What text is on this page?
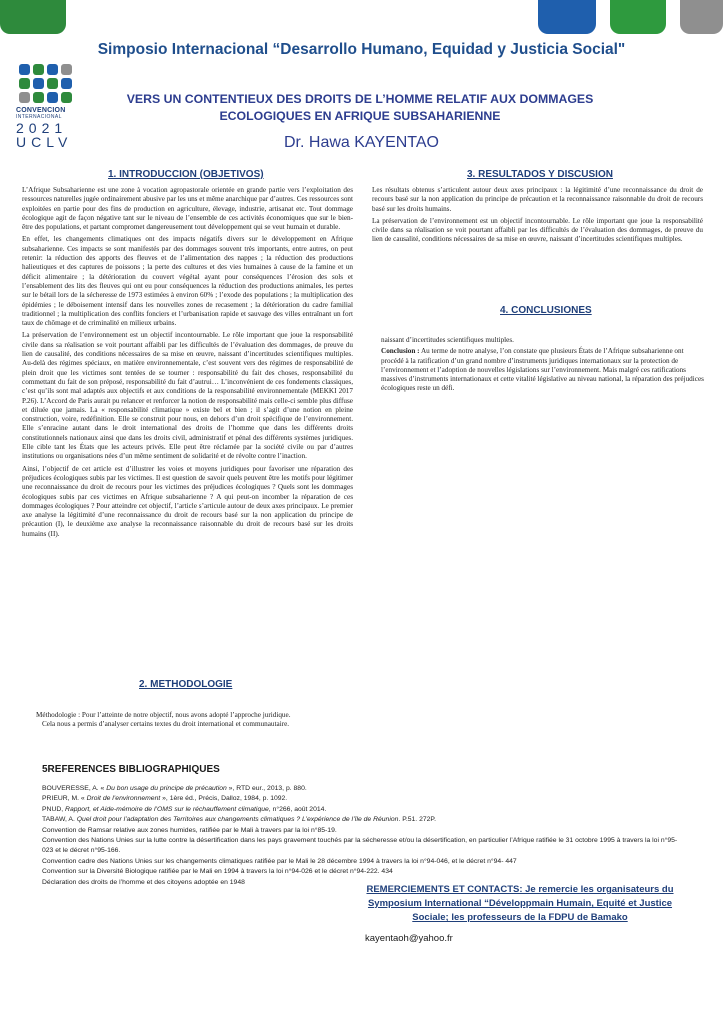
CONVENCION
INTERNACIONAL
2021
UCLV
Simposio Internacional “Desarrollo Humano, Equidad y Justicia Social"
VERS UN CONTENTIEUX DES DROITS DE L’HOMME RELATIF AUX DOMMAGES
ECOLOGIQUES EN AFRIQUE SUBSAHARIENNE
Dr. Hawa KAYENTAO
1. INTRODUCCION (OBJETIVOS)

L’Afrique Subsaharienne est une zone à vocation agropastorale orientée en grande partie vers l’exploitation des ressources naturelles jugée ordinairement abusive par les uns et même anarchique par d’autres. Ces ressources sont exploitées en partie pour des fins de production en agriculture, élevage, industrie, artisanat etc. Tout dommage écologique agit de façon négative tant sur le niveau de l’ensemble de ces activités économiques que sur le bien-être des populations, et partant compromet dangereusement tout développement qui se veut humain et durable.

En effet, les changements climatiques ont des impacts négatifs divers sur le développement en Afrique subsaharienne. Ces impacts se sont manifestés par des dommages souvent très importants, entre autres, on peut retenir: la réduction des apports des fleuves et de l’alimentation des nappes ; la réduction des productions halieutiques et des captures de poissons ; la perte des cultures et des vies humaines à cause de la famine et un déficit alimentaire ; la détérioration du couvert végétal ayant pour conséquences l’érosion des sols et l’ensablement des lits des fleuves qui ont eu pour conséquences la réduction des productions animales, les pertes sur le bétail lors de la sécheresse de 1973 estimées à environ 60% ; l’exode des populations ; la multiplication des épidémies ; le déboisement intensif dans les nouvelles zones de recasement ; la détérioration du cadre familial traditionnel ; la multiplication des conflits fonciers et l’urbanisation rapide et sauvage des villes entraînant un fort taux de chômage et de criminalité en milieux urbains.

La préservation de l’environnement est un objectif incontournable. Le rôle important que joue la responsabilité civile dans sa réalisation se voit pourtant affaibli par les difficultés de l’évaluation des dommages, de preuve du lien de causalité, des conditions nécessaires de sa mise en œuvre, naissant d’incertitudes scientifiques multiples. Au-delà des régimes spéciaux, en matière environnementale, c’est souvent vers des régimes de responsabilité de plein droit que les victimes sont tentées de se tourner : responsabilité du fait des choses, responsabilité du commettant du fait de son préposé, responsabilité du fait d’autrui… L’inconvénient de ces fondements classiques, c’est qu’ils sont mal adaptés aux objectifs et aux conditions de la responsabilité environnementale (MEKKI 2017 P.26). L’Accord de Paris aurait pu relancer et renforcer la notion de responsabilité mais celle-ci semble plus diffuse et diluée que jamais. La « responsabilité climatique » existe bel et bien ; il s’agit d’une notion en pleine construction, voire, redéfinition. Elle se construit pour nous, en dehors d’un droit spécifique de l’environnement. Elle s’enracine autant dans le droit international des droits de l’homme que dans les différents droits constitutionnels nationaux ainsi que dans les droits civil, administratif et pénal des différents systèmes juridiques. Elle cible tant les États que les acteurs privés. Elle peut être réclamée par la société civile ou par d’autres institutions ou organisations nées d’un même sentiment de solidarité et de révolte contre l’inaction.

Ainsi, l’objectif de cet article est d’illustrer les voies et moyens juridiques pour favoriser une réparation des préjudices écologiques subis par les victimes. Il est question de savoir quels peuvent être les motifs pour légitimer une reconnaissance du droit de recours pour les victimes des préjudices écologiques ? Quels sont les dommages écologiques subis par ces victimes en Afrique subsaharienne ? A qui peut-on incomber la réparation de ces dommages écologiques ? Pour atteindre cet objectif, l’article s’articule autour de deux axes principaux. Le premier axe analyse la légitimité d’une reconnaissance du droit de recours basé sur la non application du principe de précaution (I), le deuxième axe analyse la reconnaissance raisonnable du droit de recours basé sur les droits humains (II).

2. METHODOLOGIE
Méthodologie : Pour l’atteinte de notre objectif, nous avons adopté l’approche juridique.
Cela nous a permis d’analyser certains textes du droit international et communautaire.
3. RESULTADOS Y DISCUSION

Les résultats obtenus s’articulent autour deux axes principaux : la légitimité d’une reconnaissance du droit de recours basé sur la non application du principe de précaution et la reconnaissance raisonnable du droit de recours basé sur les droits humains.

La préservation de l’environnement est un objectif incontournable. Le rôle important que joue la responsabilité civile dans sa réalisation se voit pourtant affaibli par les difficultés de l’évaluation des dommages, de preuve du lien de causalité, conditions nécessaires de sa mise en œuvre, naissant d’incertitudes scientifiques multiples.

4. CONCLUSIONES
naissant d’incertitudes scientifiques multiples.
Conclusion : Au terme de notre analyse, l’on constate que plusieurs États de l’Afrique subsaharienne ont procédé à la ratification d’un grand nombre d’instruments juridiques internationaux sur la protection de l’environnement et l’adoption de nouvelles législations sur l’environnement. Mais malgré ces ratifications massives d’instruments internationaux et cette vitalité législative au niveau national, la réparation des préjudices écologiques reste un défi.
5REFERENCES BIBLIOGRAPHIQUES
BOUVERESSE, A. « Du bon usage du principe de précaution », RTD eur., 2013, p. 880.
PRIEUR, M. « Droit de l’environnement », 1ère éd., Précis, Dalloz, 1984, p. 1092.
PNUD, Rapport, et Aide-mémoire de l’OMS sur le réchauffement climatique, n°266, août 2014.
TABAW, A. Quel droit pour l’adaptation des Territoires aux changements climatiques ? L’expérience de l’île de Réunion. P.51. 272P.
Convention de Ramsar relative aux zones humides, ratifiée par le Mali à travers par la loi n°85-19.
Convention des Nations Unies sur la lutte contre la désertification dans les pays gravement touchés par la sécheresse et/ou la désertification, en particulier l’Afrique ratifiée le 31 octobre 1995 à travers la loi n°95-023 et le décret n°95-166.
Convention cadre des Nations Unies sur les changements climatiques ratifiée par le Mali le 28 décembre 1994 à travers la loi n°94-046, et le décret n°94- 447
Convention sur la Diversité Biologique ratifiée par le Mali en 1994 à travers la loi n°94-026 et le décret n°94-222. 434
Déclaration des droits de l’homme et des citoyens adoptée en 1948
REMERCIEMENTS ET CONTACTS: Je remercie les organisateurs du Symposium International “Développmain Humain, Equité et Justice Sociale; les professeurs de la FDPU de Bamako
kayentaoh@yahoo.fr
